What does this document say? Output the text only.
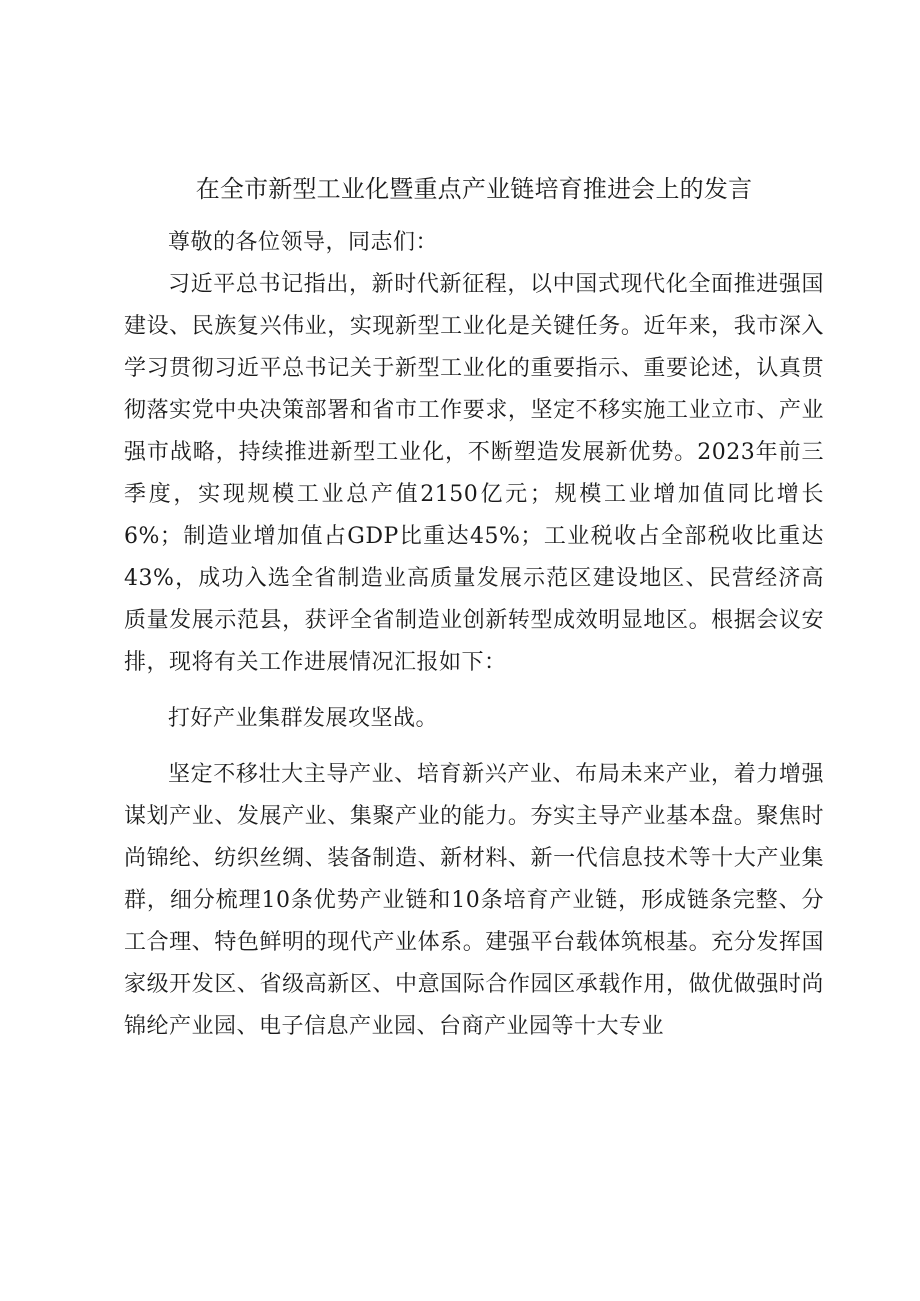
在全市新型工业化暨重点产业链培育推进会上的发言

尊敬的各位领导，同志们：

习近平总书记指出，新时代新征程，以中国式现代化全面推进强国建设、民族复兴伟业，实现新型工业化是关键任务。近年来，我市深入学习贯彻习近平总书记关于新型工业化的重要指示、重要论述，认真贯彻落实党中央决策部署和省市工作要求，坚定不移实施工业立市、产业强市战略，持续推进新型工业化，不断塑造发展新优势。2023年前三季度，实现规模工业总产值2150亿元；规模工业增加值同比增长6%；制造业增加值占GDP比重达45%；工业税收占全部税收比重达43%，成功入选全省制造业高质量发展示范区建设地区、民营经济高质量发展示范县，获评全省制造业创新转型成效明显地区。根据会议安排，现将有关工作进展情况汇报如下：

打好产业集群发展攻坚战。

坚定不移壮大主导产业、培育新兴产业、布局未来产业，着力增强谋划产业、发展产业、集聚产业的能力。夯实主导产业基本盘。聚焦时尚锦纶、纺织丝绸、装备制造、新材料、新一代信息技术等十大产业集群，细分梳理10条优势产业链和10条培育产业链，形成链条完整、分工合理、特色鲜明的现代产业体系。建强平台载体筑根基。充分发挥国家级开发区、省级高新区、中意国际合作园区承载作用，做优做强时尚锦纶产业园、电子信息产业园、台商产业园等十大专业
